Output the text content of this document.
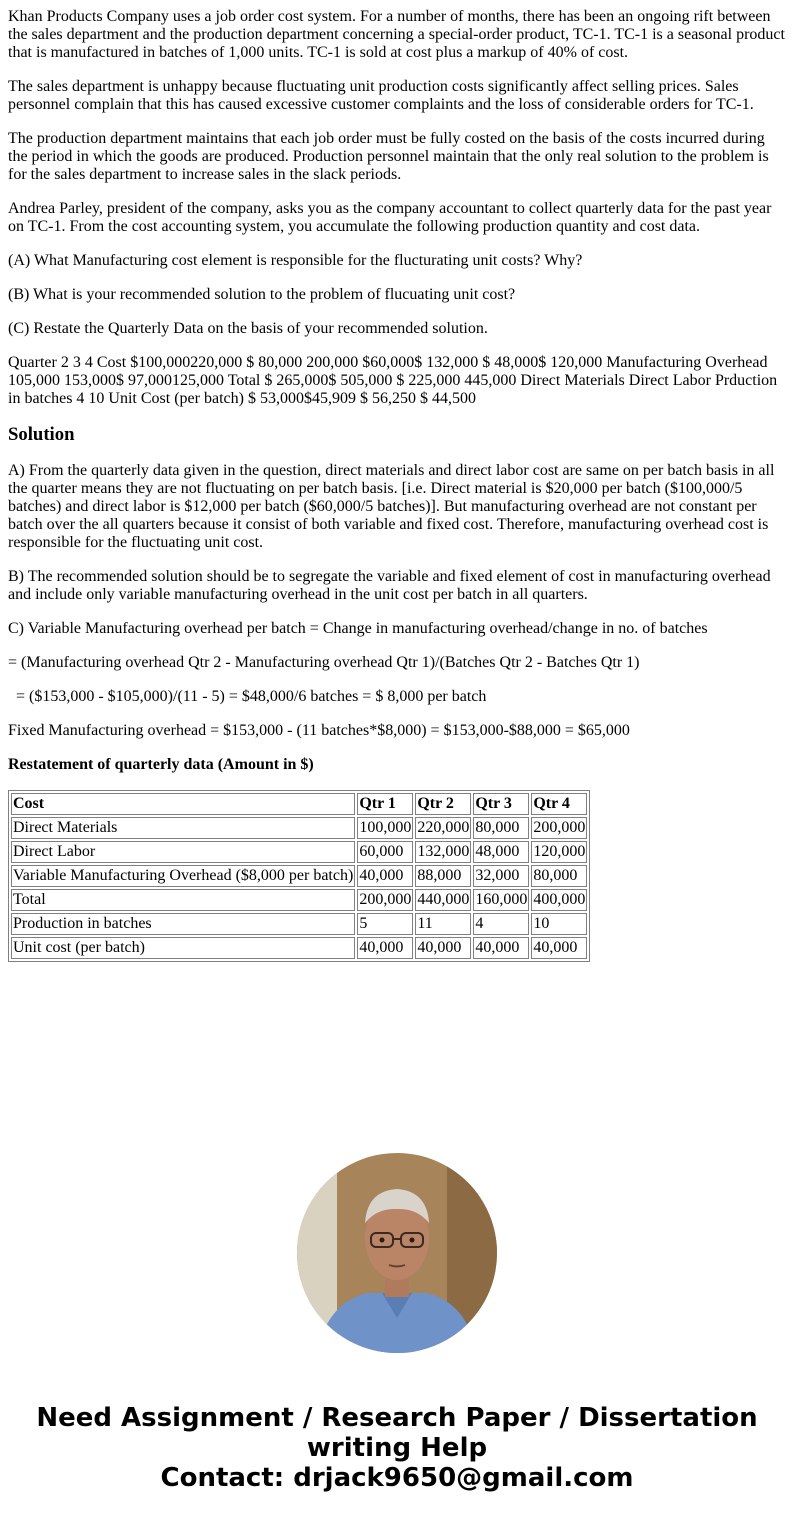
Khan Products Company uses a job order cost system. For a number of months, there has been an ongoing rift between the sales department and the production department concerning a special-order product, TC-1. TC-1 is a seasonal product that is manufactured in batches of 1,000 units. TC-1 is sold at cost plus a markup of 40% of cost.

The sales department is unhappy because fluctuating unit production costs significantly affect selling prices. Sales personnel complain that this has caused excessive customer complaints and the loss of considerable orders for TC-1.

The production department maintains that each job order must be fully costed on the basis of the costs incurred during the period in which the goods are produced. Production personnel maintain that the only real solution to the problem is for the sales department to increase sales in the slack periods.

Andrea Parley, president of the company, asks you as the company accountant to collect quarterly data for the past year on TC-1. From the cost accounting system, you accumulate the following production quantity and cost data.

(A) What Manufacturing cost element is responsible for the flucturating unit costs? Why?

(B) What is your recommended solution to the problem of flucuating unit cost?

(C) Restate the Quarterly Data on the basis of your recommended solution.

Quarter 2 3 4 Cost $100,000220,000 $ 80,000 200,000 $60,000$ 132,000 $ 48,000$ 120,000 Manufacturing Overhead 105,000 153,000$ 97,000125,000 Total $ 265,000$ 505,000 $ 225,000 445,000 Direct Materials Direct Labor Prduction in batches 4 10 Unit Cost (per batch) $ 53,000$45,909 $ 56,250 $ 44,500

Solution

A) From the quarterly data given in the question, direct materials and direct labor cost are same on per batch basis in all the quarter means they are not fluctuating on per batch basis. [i.e. Direct material is $20,000 per batch ($100,000/5 batches) and direct labor is $12,000 per batch ($60,000/5 batches)]. But manufacturing overhead are not constant per batch over the all quarters because it consist of both variable and fixed cost. Therefore, manufacturing overhead cost is responsible for the fluctuating unit cost.

B) The recommended solution should be to segregate the variable and fixed element of cost in manufacturing overhead and include only variable manufacturing overhead in the unit cost per batch in all quarters.

C) Variable Manufacturing overhead per batch = Change in manufacturing overhead/change in no. of batches

= (Manufacturing overhead Qtr 2 - Manufacturing overhead Qtr 1)/(Batches Qtr 2 - Batches Qtr 1)

= ($153,000 - $105,000)/(11 - 5) = $48,000/6 batches = $ 8,000 per batch

Fixed Manufacturing overhead = $153,000 - (11 batches*$8,000) = $153,000-$88,000 = $65,000

Restatement of quarterly data (Amount in $)

Cost	Qtr 1	Qtr 2	Qtr 3	Qtr 4
Direct Materials	100,000	220,000	80,000	200,000
Direct Labor	60,000	132,000	48,000	120,000
Variable Manufacturing Overhead ($8,000 per batch)	40,000	88,000	32,000	80,000
Total	200,000	440,000	160,000	400,000
Production in batches	5	11	4	10
Unit cost (per batch)	40,000	40,000	40,000	40,000
Need Assignment / Research Paper / Dissertation
writing Help
Contact: drjack9650@gmail.com
